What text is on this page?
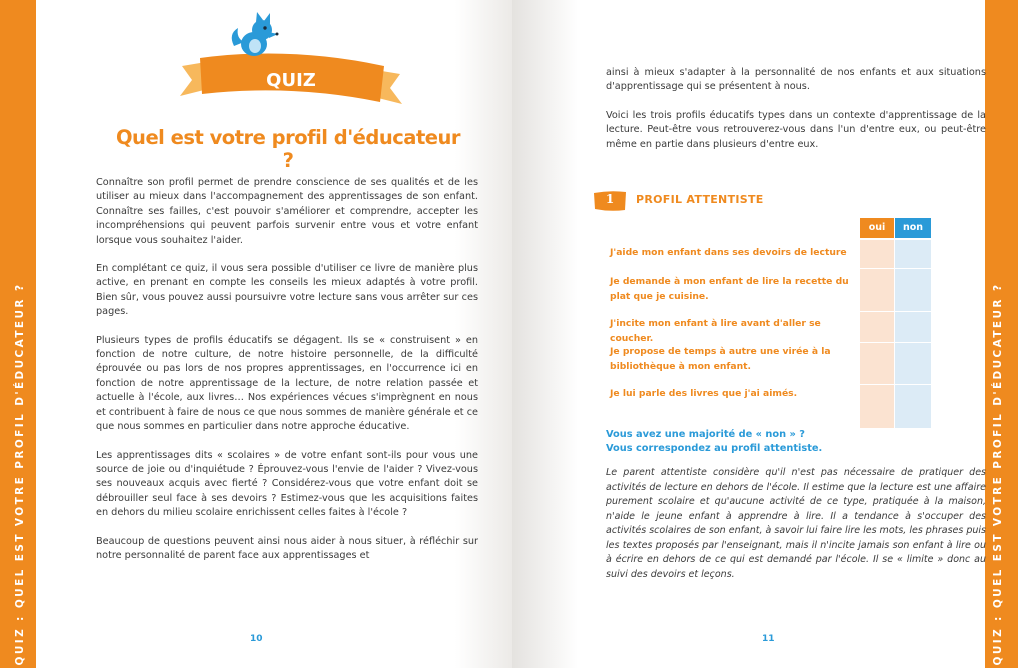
QUIZ
Quel est votre profil d'éducateur ?

Connaître son profil permet de prendre conscience de ses qualités et de les utiliser au mieux dans l'accompagnement des apprentissages de son enfant. Connaître ses failles, c'est pouvoir s'améliorer et comprendre, accepter les incompréhensions qui peuvent parfois survenir entre vous et votre enfant lorsque vous souhaitez l'aider.

En complétant ce quiz, il vous sera possible d'utiliser ce livre de manière plus active, en prenant en compte les conseils les mieux adaptés à votre profil. Bien sûr, vous pouvez aussi poursuivre votre lecture sans vous arrêter sur ces pages.

Plusieurs types de profils éducatifs se dégagent. Ils se « construisent » en fonction de notre culture, de notre histoire personnelle, de la difficulté éprouvée ou pas lors de nos propres apprentissages, en l'occurrence ici en fonction de notre apprentissage de la lecture, de notre relation passée et actuelle à l'école, aux livres… Nos expériences vécues s'imprègnent en nous et contribuent à faire de nous ce que nous sommes de manière générale et ce que nous sommes en particulier dans notre approche éducative.

Les apprentissages dits « scolaires » de votre enfant sont-ils pour vous une source de joie ou d'inquiétude ? Éprouvez-vous l'envie de l'aider ? Vivez-vous ses nouveaux acquis avec fierté ? Considérez-vous que votre enfant doit se débrouiller seul face à ses devoirs ? Estimez-vous que les acquisitions faites en dehors du milieu scolaire enrichissent celles faites à l'école ?

Beaucoup de questions peuvent ainsi nous aider à nous situer, à réfléchir sur notre personnalité de parent face aux apprentissages et

10

ainsi à mieux s'adapter à la personnalité de nos enfants et aux situations d'apprentissage qui se présentent à nous.

Voici les trois profils éducatifs types dans un contexte d'apprentissage de la lecture. Peut-être vous retrouverez-vous dans l'un d'entre eux, ou peut-être même en partie dans plusieurs d'entre eux.

1	PROFIL ATTENTISTE
oui	non
J'aide mon enfant dans ses devoirs de lecture
Je demande à mon enfant de lire la recette du plat que je cuisine.
J'incite mon enfant à lire avant d'aller se coucher.
Je propose de temps à autre une virée à la bibliothèque à mon enfant.
Je lui parle des livres que j'ai aimés.
Vous avez une majorité de « non » ?
Vous correspondez au profil attentiste.
Le parent attentiste considère qu'il n'est pas nécessaire de pratiquer des activités de lecture en dehors de l'école. Il estime que la lecture est une affaire purement scolaire et qu'aucune activité de ce type, pratiquée à la maison, n'aide le jeune enfant à apprendre à lire. Il a tendance à s'occuper des activités scolaires de son enfant, à savoir lui faire lire les mots, les phrases puis les textes proposés par l'enseignant, mais il n'incite jamais son enfant à lire ou à écrire en dehors de ce qui est demandé par l'école. Il se « limite » donc au suivi des devoirs et leçons.
11
QUIZ : QUEL EST VOTRE PROFIL D'ÉDUCATEUR ?	QUIZ : QUEL EST VOTRE PROFIL D'ÉDUCATEUR ?
